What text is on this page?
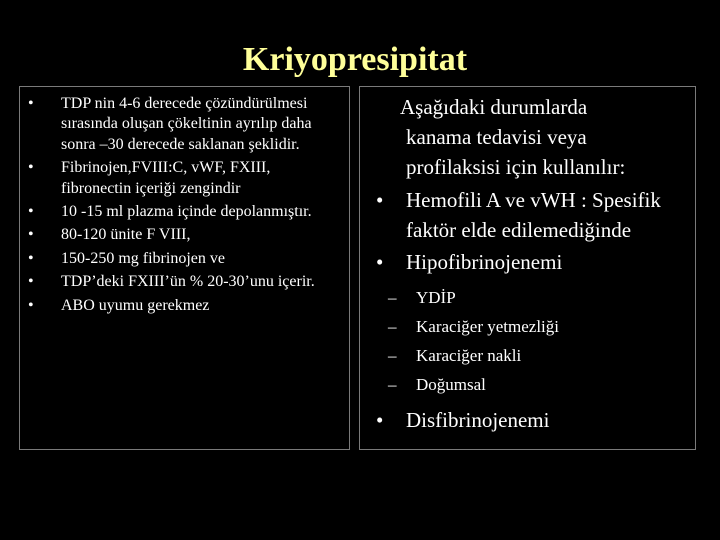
Kriyopresipitat
• TDP nin 4-6 derecede çözündürülmesi sırasında oluşan çökeltinin ayrılıp daha sonra –30 derecede saklanan şeklidir.
• Fibrinojen,FVIII:C, vWF, FXIII, fibronectin içeriği zengindir
• 10 -15 ml plazma içinde depolanmıştır.
• 80-120 ünite F VIII,
• 150-250 mg fibrinojen ve
• TDP’deki FXIII’ün % 20-30’unu içerir.
• ABO uyumu gerekmez
Aşağıdaki durumlarda
kanama tedavisi veya
profilaksisi için kullanılır:
• Hemofili A ve vWH : Spesifik faktör elde edilemediğinde
• Hipofibrinojenemi
– YDİP
– Karaciğer yetmezliği
– Karaciğer nakli
– Doğumsal
• Disfibrinojenemi
